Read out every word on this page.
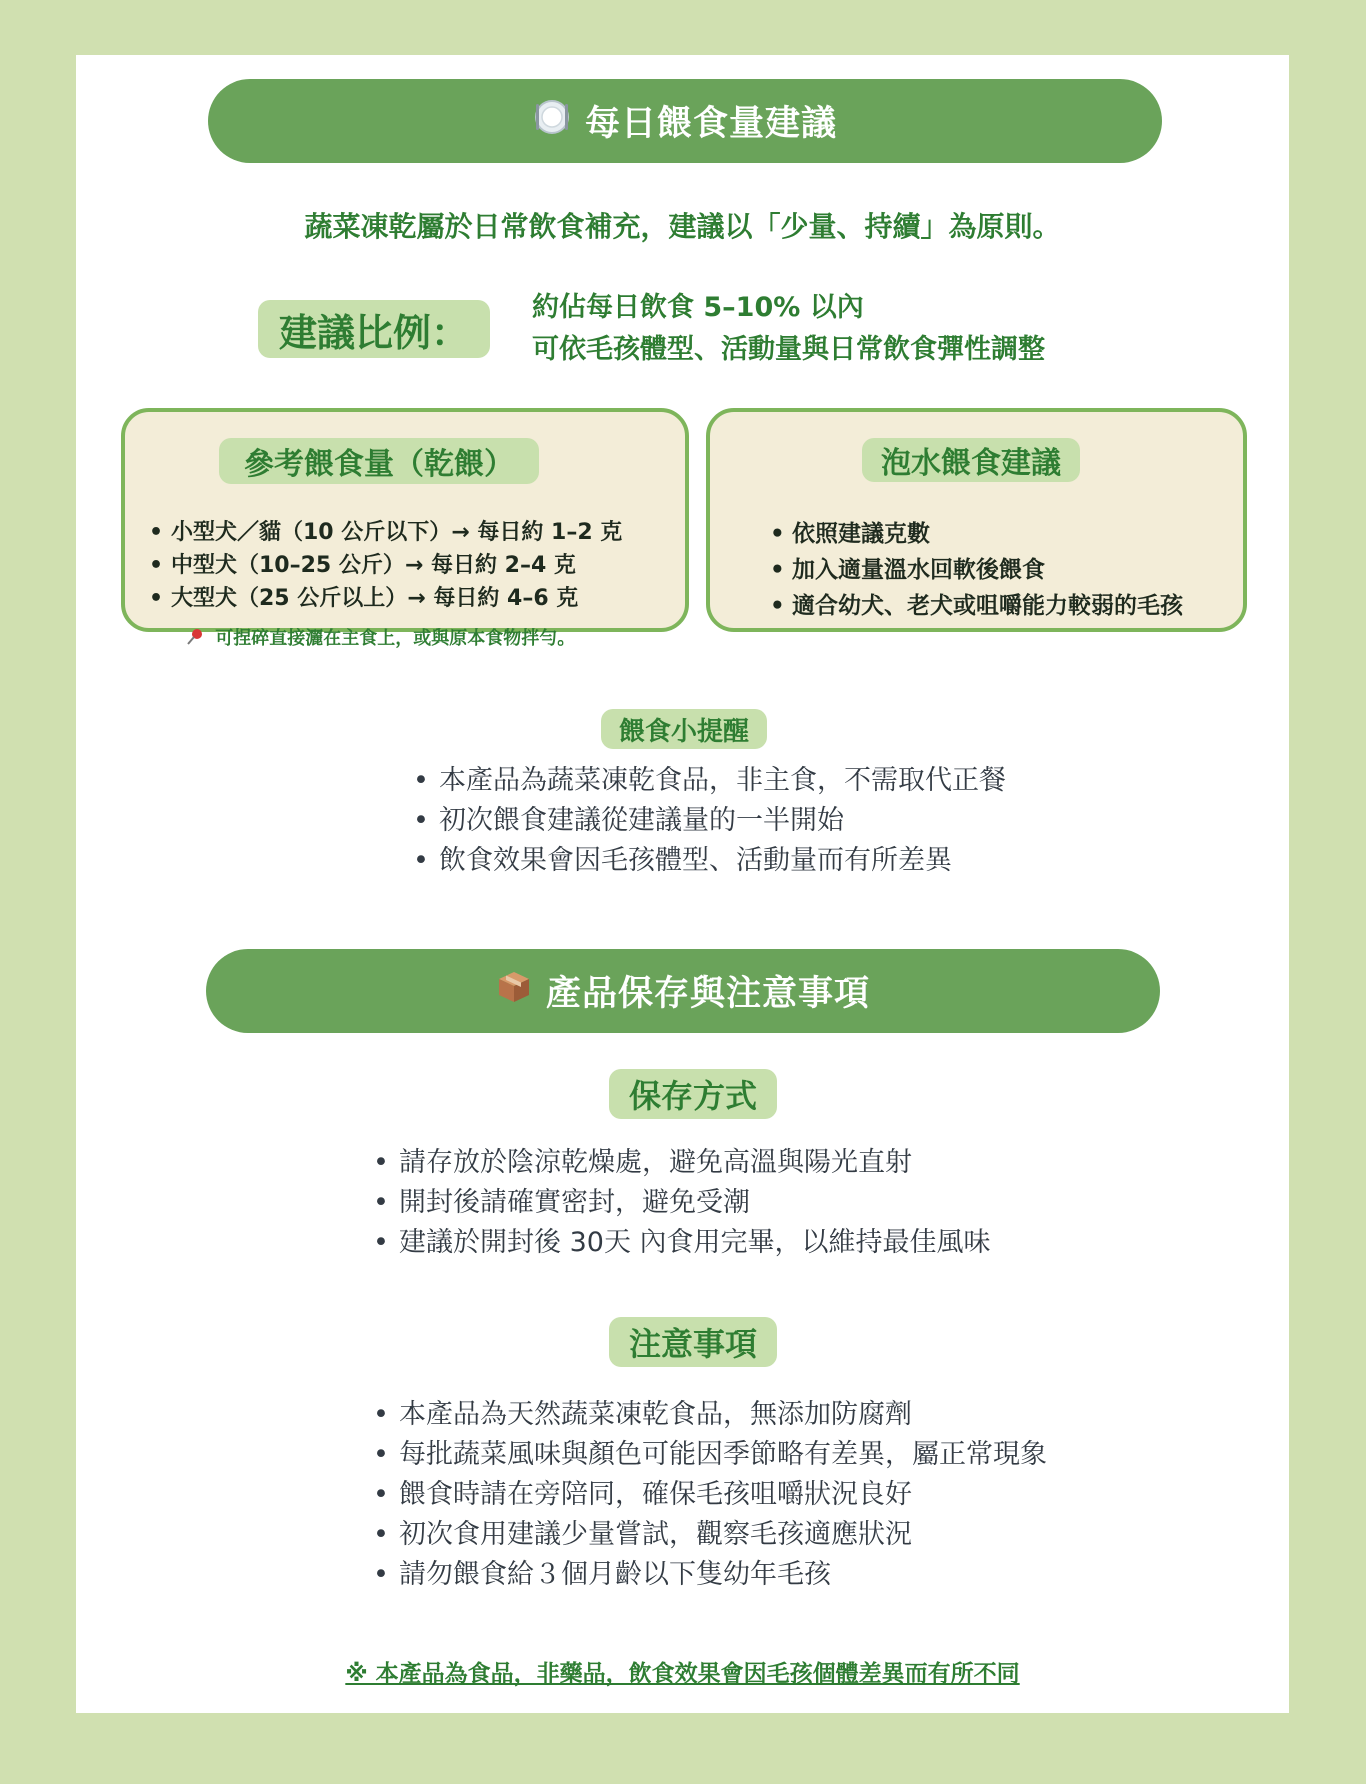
每日餵食量建議
蔬菜凍乾屬於日常飲食補充，建議以「少量、持續」為原則。
建議比例：
約佔每日飲食 5–10% 以內
可依毛孩體型、活動量與日常飲食彈性調整
參考餵食量（乾餵）
• 小型犬／貓（10 公斤以下）→ 每日約 1–2 克
• 中型犬（10–25 公斤）→ 每日約 2–4 克
• 大型犬（25 公斤以上）→ 每日約 4–6 克
可捏碎直接灑在主食上，或與原本食物拌勻。
泡水餵食建議
• 依照建議克數
• 加入適量溫水回軟後餵食
• 適合幼犬、老犬或咀嚼能力較弱的毛孩
餵食小提醒
• 本產品為蔬菜凍乾食品，非主食，不需取代正餐
• 初次餵食建議從建議量的一半開始
• 飲食效果會因毛孩體型、活動量而有所差異
產品保存與注意事項
保存方式
• 請存放於陰涼乾燥處，避免高溫與陽光直射
• 開封後請確實密封，避免受潮
• 建議於開封後 30天 內食用完畢，以維持最佳風味
注意事項
• 本產品為天然蔬菜凍乾食品，無添加防腐劑
• 每批蔬菜風味與顏色可能因季節略有差異，屬正常現象
• 餵食時請在旁陪同，確保毛孩咀嚼狀況良好
• 初次食用建議少量嘗試，觀察毛孩適應狀況
• 請勿餵食給３個月齡以下隻幼年毛孩
※ 本產品為食品，非藥品，飲食效果會因毛孩個體差異而有所不同
